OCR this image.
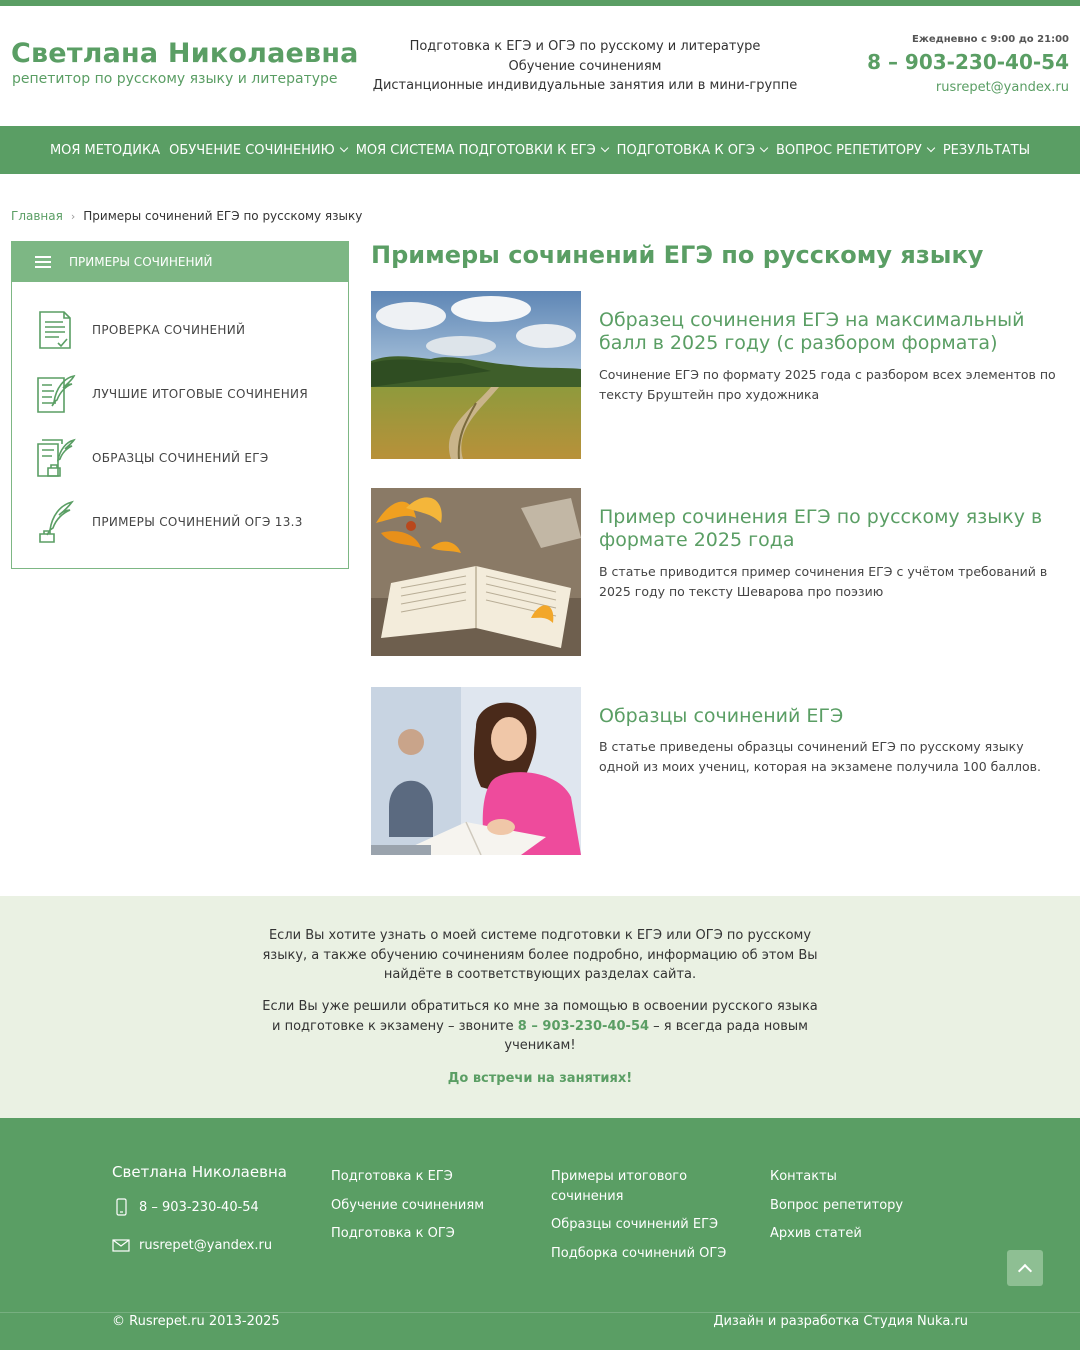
Светлана Николаевна
репетитор по русскому языку и литературе
Подготовка к ЕГЭ и ОГЭ по русскому и литературе
Обучение сочинениям
Дистанционные индивидуальные занятия или в мини-группе
Ежедневно с 9:00 до 21:00
8 – 903-230-40-54
rusrepet@yandex.ru
МОЯ МЕТОДИКА ОБУЧЕНИЕ СОЧИНЕНИЮ МОЯ СИСТЕМА ПОДГОТОВКИ К ЕГЭ ПОДГОТОВКА К ОГЭ ВОПРОС РЕПЕТИТОРУ РЕЗУЛЬТАТЫ
Главная › Примеры сочинений ЕГЭ по русскому языку
ПРИМЕРЫ СОЧИНЕНИЙ
ПРОВЕРКА СОЧИНЕНИЙ
ЛУЧШИЕ ИТОГОВЫЕ СОЧИНЕНИЯ
ОБРАЗЦЫ СОЧИНЕНИЙ ЕГЭ
ПРИМЕРЫ СОЧИНЕНИЙ ОГЭ 13.3
Примеры сочинений ЕГЭ по русскому языку
Образец сочинения ЕГЭ на максимальный балл в 2025 году (с разбором формата)
Сочинение ЕГЭ по формату 2025 года с разбором всех элементов по тексту Бруштейн про художника
Пример сочинения ЕГЭ по русскому языку в формате 2025 года
В статье приводится пример сочинения ЕГЭ с учётом требований в 2025 году по тексту Шеварова про поэзию
Образцы сочинений ЕГЭ
В статье приведены образцы сочинений ЕГЭ по русскому языку одной из моих учениц, которая на экзамене получила 100 баллов.

Если Вы хотите узнать о моей системе подготовки к ЕГЭ или ОГЭ по русскому языку, а также обучению сочинениям более подробно, информацию об этом Вы найдёте в соответствующих разделах сайта.

Если Вы уже решили обратиться ко мне за помощью в освоении русского языка и подготовке к экзамену – звоните 8 – 903-230-40-54 – я всегда рада новым ученикам!

До встречи на занятиях!
Светлана Николаевна
8 – 903-230-40-54
rusrepet@yandex.ru
Подготовка к ЕГЭ
Обучение сочинениям
Подготовка к ОГЭ
Примеры итогового сочинения
Образцы сочинений ЕГЭ
Подборка сочинений ОГЭ
Контакты
Вопрос репетитору
Архив статей
© Rusrepet.ru 2013-2025	Дизайн и разработка Студия Nuka.ru
